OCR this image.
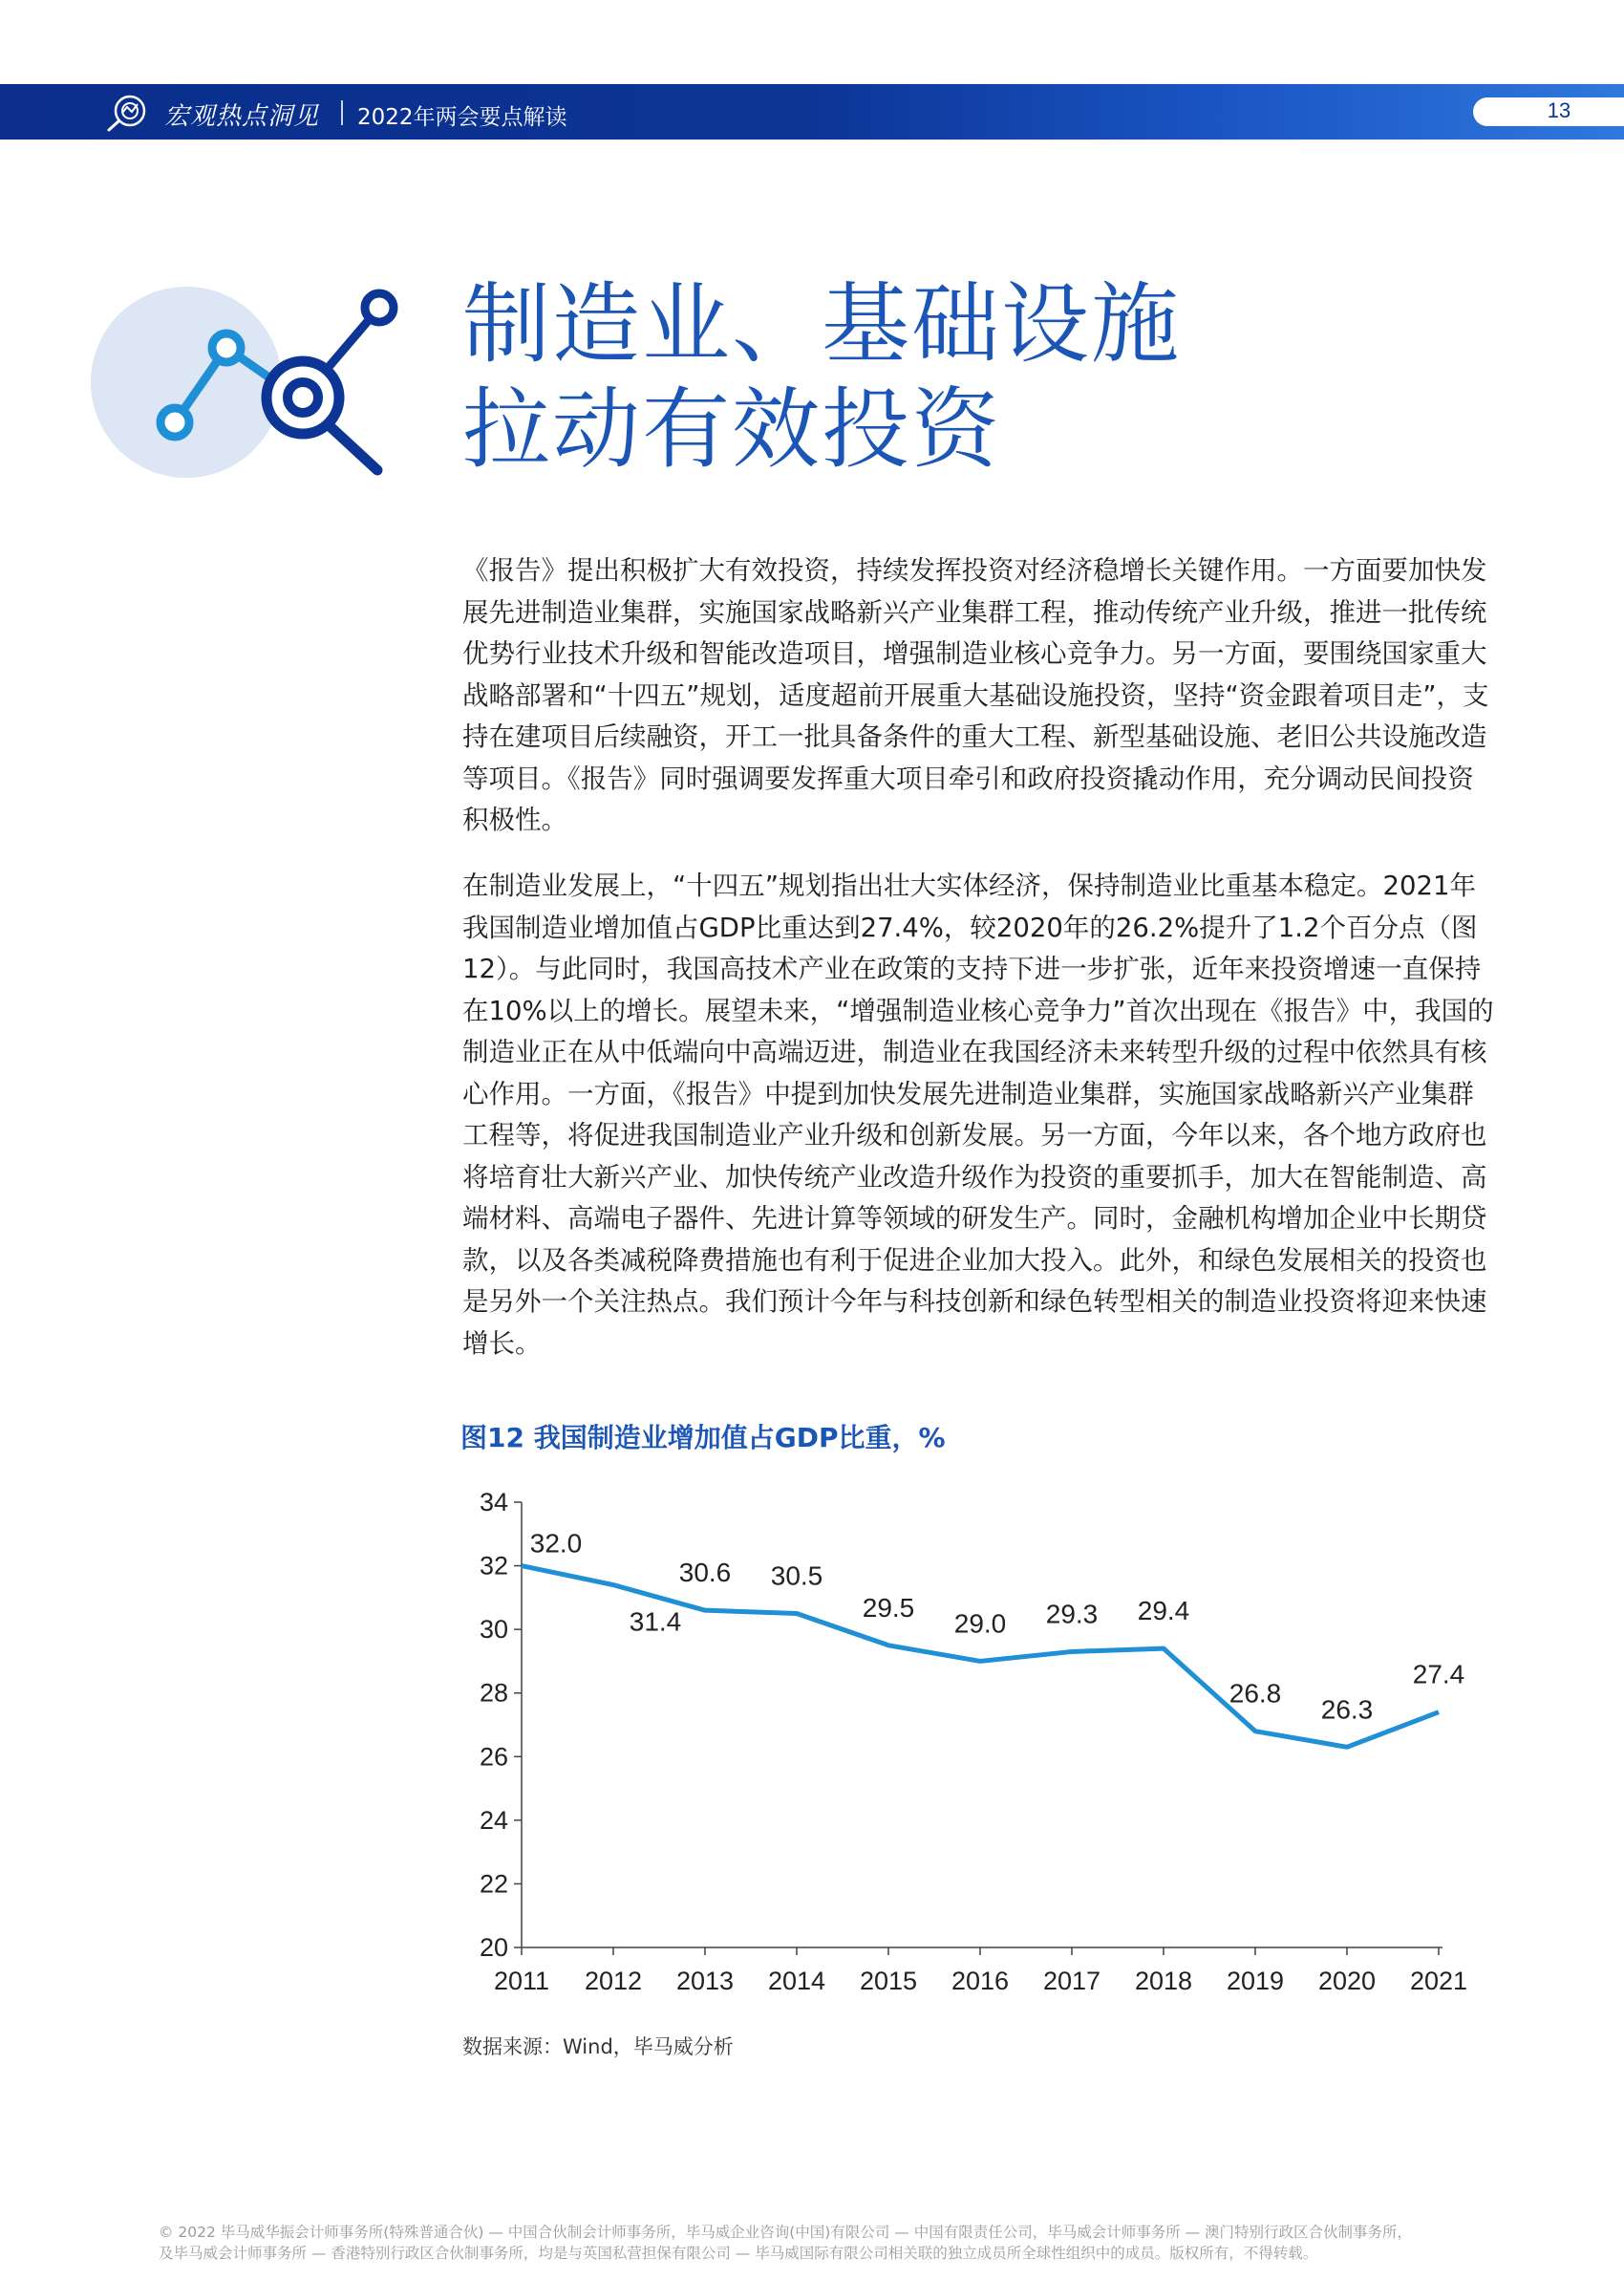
宏观热点洞见 2022年两会要点解读	13
制造业、基础设施
拉动有效投资

《报告》提出积极扩大有效投资，持续发挥投资对经济稳增长关键作用。一方面要加快发展先进制造业集群，实施国家战略新兴产业集群工程，推动传统产业升级，推进一批传统优势行业技术升级和智能改造项目，增强制造业核心竞争力。另一方面，要围绕国家重大战略部署和“十四五”规划，适度超前开展重大基础设施投资，坚持“资金跟着项目走”，支持在建项目后续融资，开工一批具备条件的重大工程、新型基础设施、老旧公共设施改造等项目。《报告》同时强调要发挥重大项目牵引和政府投资撬动作用，充分调动民间投资积极性。

在制造业发展上，“十四五”规划指出壮大实体经济，保持制造业比重基本稳定。2021年我国制造业增加值占GDP比重达到27.4%，较2020年的26.2%提升了1.2个百分点（图12）。与此同时，我国高技术产业在政策的支持下进一步扩张，近年来投资增速一直保持在10%以上的增长。展望未来，“增强制造业核心竞争力”首次出现在《报告》中，我国的制造业正在从中低端向中高端迈进，制造业在我国经济未来转型升级的过程中依然具有核心作用。一方面，《报告》中提到加快发展先进制造业集群，实施国家战略新兴产业集群工程等，将促进我国制造业产业升级和创新发展。另一方面，今年以来，各个地方政府也将培育壮大新兴产业、加快传统产业改造升级作为投资的重要抓手，加大在智能制造、高端材料、高端电子器件、先进计算等领域的研发生产。同时，金融机构增加企业中长期贷款，以及各类减税降费措施也有利于促进企业加大投入。此外，和绿色发展相关的投资也是另外一个关注热点。我们预计今年与科技创新和绿色转型相关的制造业投资将迎来快速增长。

图12 我国制造业增加值占GDP比重，%
20
22
24
26
28
30
32
34
2011 2012 2013 2014 2015 2016 2017 2018 2019 2020 2021
32.0
31.4
30.6 30.5
29.5
29.0 29.3 29.4
26.8
26.3
27.4
数据来源：Wind，毕马威分析
© 2022 毕马威华振会计师事务所(特殊普通合伙) — 中国合伙制会计师事务所，毕马威企业咨询(中国)有限公司 — 中国有限责任公司，毕马威会计师事务所 — 澳门特别行政区合伙制事务所，
及毕马威会计师事务所 — 香港特别行政区合伙制事务所，均是与英国私营担保有限公司 — 毕马威国际有限公司相关联的独立成员所全球性组织中的成员。版权所有，不得转载。
